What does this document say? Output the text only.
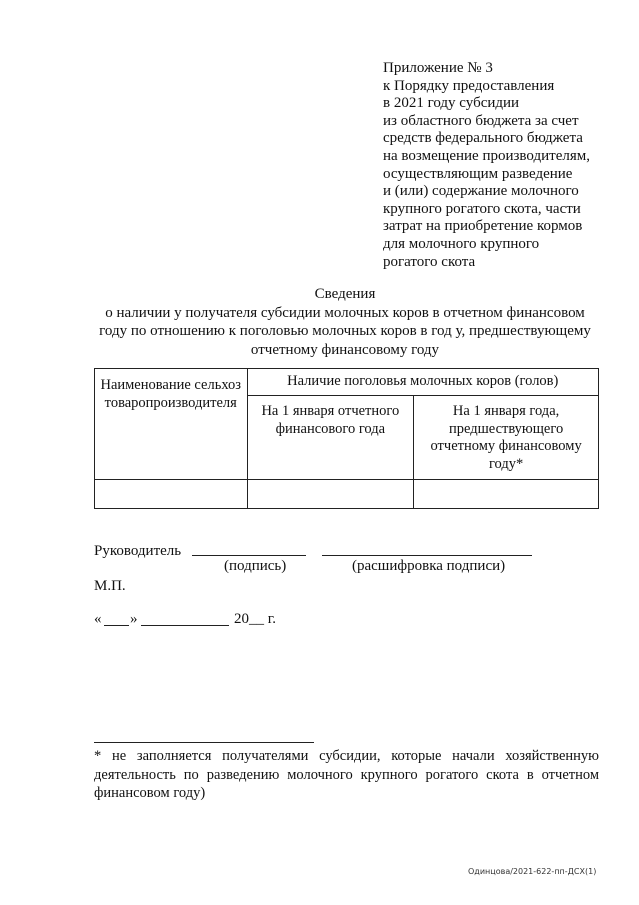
Приложение № 3
к Порядку предоставления
в 2021 году субсидии
из областного бюджета за счет
средств федерального бюджета
на возмещение производителям,
осуществляющим разведение
и (или) содержание молочного
крупного рогатого скота, части
затрат на приобретение кормов
для молочного крупного
рогатого скота
Сведения
о наличии у получателя субсидии молочных коров в отчетном финансовом
году по отношению к поголовью молочных коров в год у, предшествующему
отчетному финансовому году
Наименование сельхозтоваропроизводителя	Наличие поголовья молочных коров (голов)	
	На 1 января отчетного финансового года	На 1 января года, предшествующего отчетному финансовому году*

Руководитель
(подпись)	(расшифровка подписи)
М.П.
« »	20__ г.
* не заполняется получателями субсидии, которые начали хозяйственную деятельность по разведению молочного крупного рогатого скота в отчетном финансовом году)
Одинцова/2021-622-пп-ДСХ(1)
